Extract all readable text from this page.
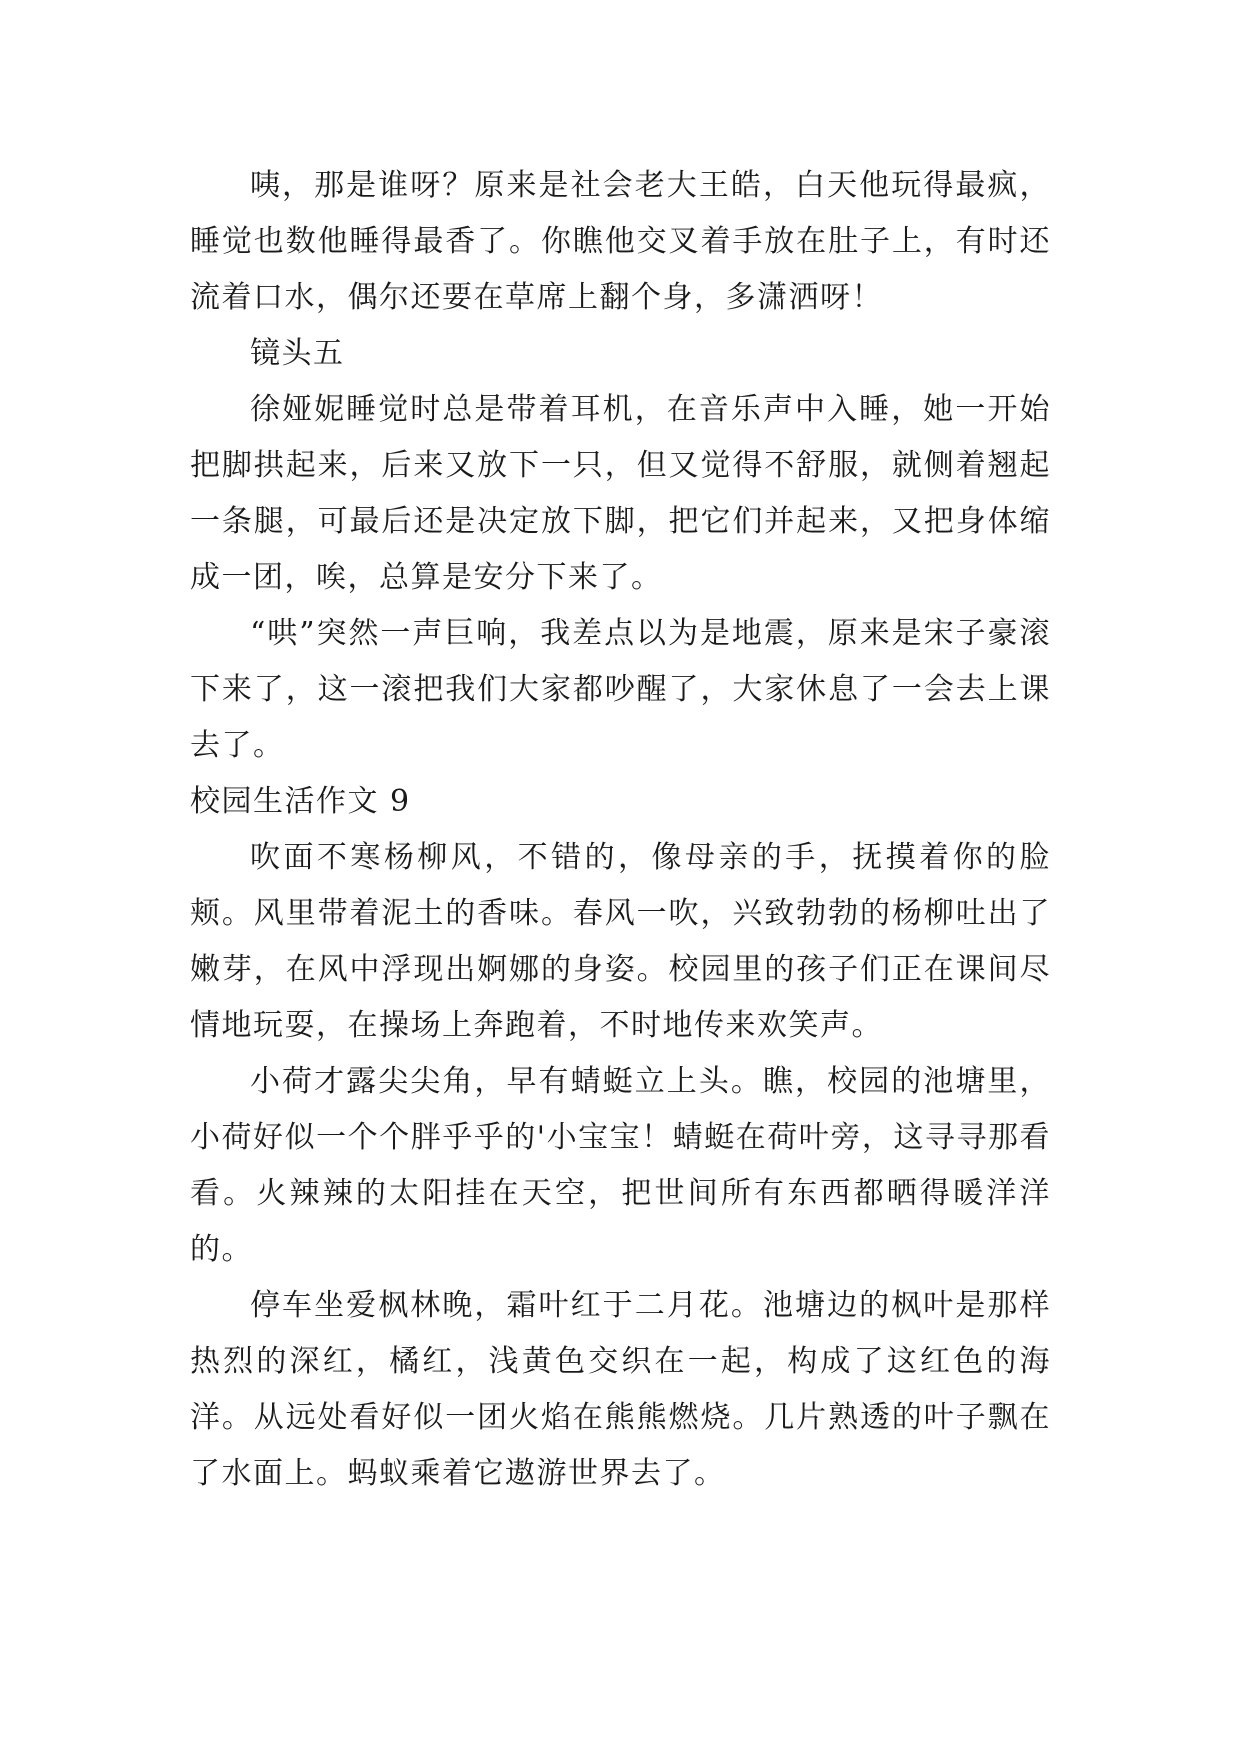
咦，那是谁呀？原来是社会老大王皓，白天他玩得最疯，睡觉也数他睡得最香了。你瞧他交叉着手放在肚子上，有时还流着口水，偶尔还要在草席上翻个身，多潇洒呀！

镜头五

徐娅妮睡觉时总是带着耳机，在音乐声中入睡，她一开始把脚拱起来，后来又放下一只，但又觉得不舒服，就侧着翘起一条腿，可最后还是决定放下脚，把它们并起来，又把身体缩成一团，唉，总算是安分下来了。

“哄”突然一声巨响，我差点以为是地震，原来是宋子豪滚下来了，这一滚把我们大家都吵醒了，大家休息了一会去上课去了。

校园生活作文 9

吹面不寒杨柳风，不错的，像母亲的手，抚摸着你的脸颊。风里带着泥土的香味。春风一吹，兴致勃勃的杨柳吐出了嫩芽，在风中浮现出婀娜的身姿。校园里的孩子们正在课间尽情地玩耍，在操场上奔跑着，不时地传来欢笑声。

小荷才露尖尖角，早有蜻蜓立上头。瞧，校园的池塘里，小荷好似一个个胖乎乎的'小宝宝！蜻蜓在荷叶旁，这寻寻那看看。火辣辣的太阳挂在天空，把世间所有东西都晒得暖洋洋的。

停车坐爱枫林晚，霜叶红于二月花。池塘边的枫叶是那样热烈的深红，橘红，浅黄色交织在一起，构成了这红色的海洋。从远处看好似一团火焰在熊熊燃烧。几片熟透的叶子飘在了水面上。蚂蚁乘着它遨游世界去了。
